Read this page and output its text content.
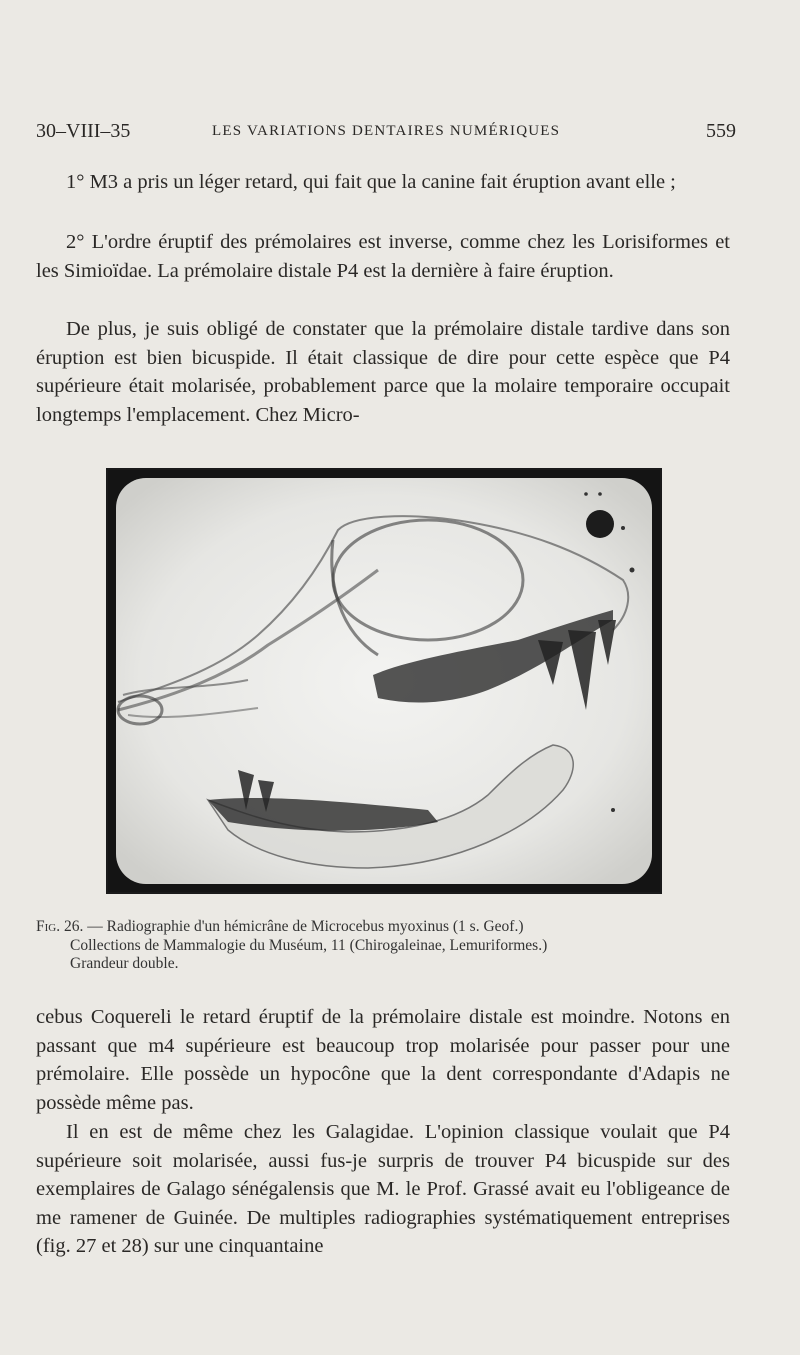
30–VIII–35	LES VARIATIONS DENTAIRES NUMÉRIQUES	559

1° M3 a pris un léger retard, qui fait que la canine fait éruption avant elle ;

2° L'ordre éruptif des prémolaires est inverse, comme chez les Lorisiformes et les Simioïdae. La prémolaire distale P4 est la dernière à faire éruption.

De plus, je suis obligé de constater que la prémolaire distale tardive dans son éruption est bien bicuspide. Il était classique de dire pour cette espèce que P4 supérieure était molarisée, probablement parce que la molaire temporaire occupait longtemps l'emplacement. Chez Micro-

Fig. 26. — Radiographie d'un hémicrâne de Microcebus myoxinus (1 s. Geof.)
Collections de Mammalogie du Muséum, 11 (Chirogaleinae, Lemuriformes.)
Grandeur double.

cebus Coquereli le retard éruptif de la prémolaire distale est moindre. Notons en passant que m4 supérieure est beaucoup trop molarisée pour passer pour une prémolaire. Elle possède un hypocône que la dent correspondante d'Adapis ne possède même pas.

Il en est de même chez les Galagidae. L'opinion classique voulait que P4 supérieure soit molarisée, aussi fus-je surpris de trouver P4 bicuspide sur des exemplaires de Galago sénégalensis que M. le Prof. Grassé avait eu l'obligeance de me ramener de Guinée. De multiples radiographies systématiquement entreprises (fig. 27 et 28) sur une cinquantaine
